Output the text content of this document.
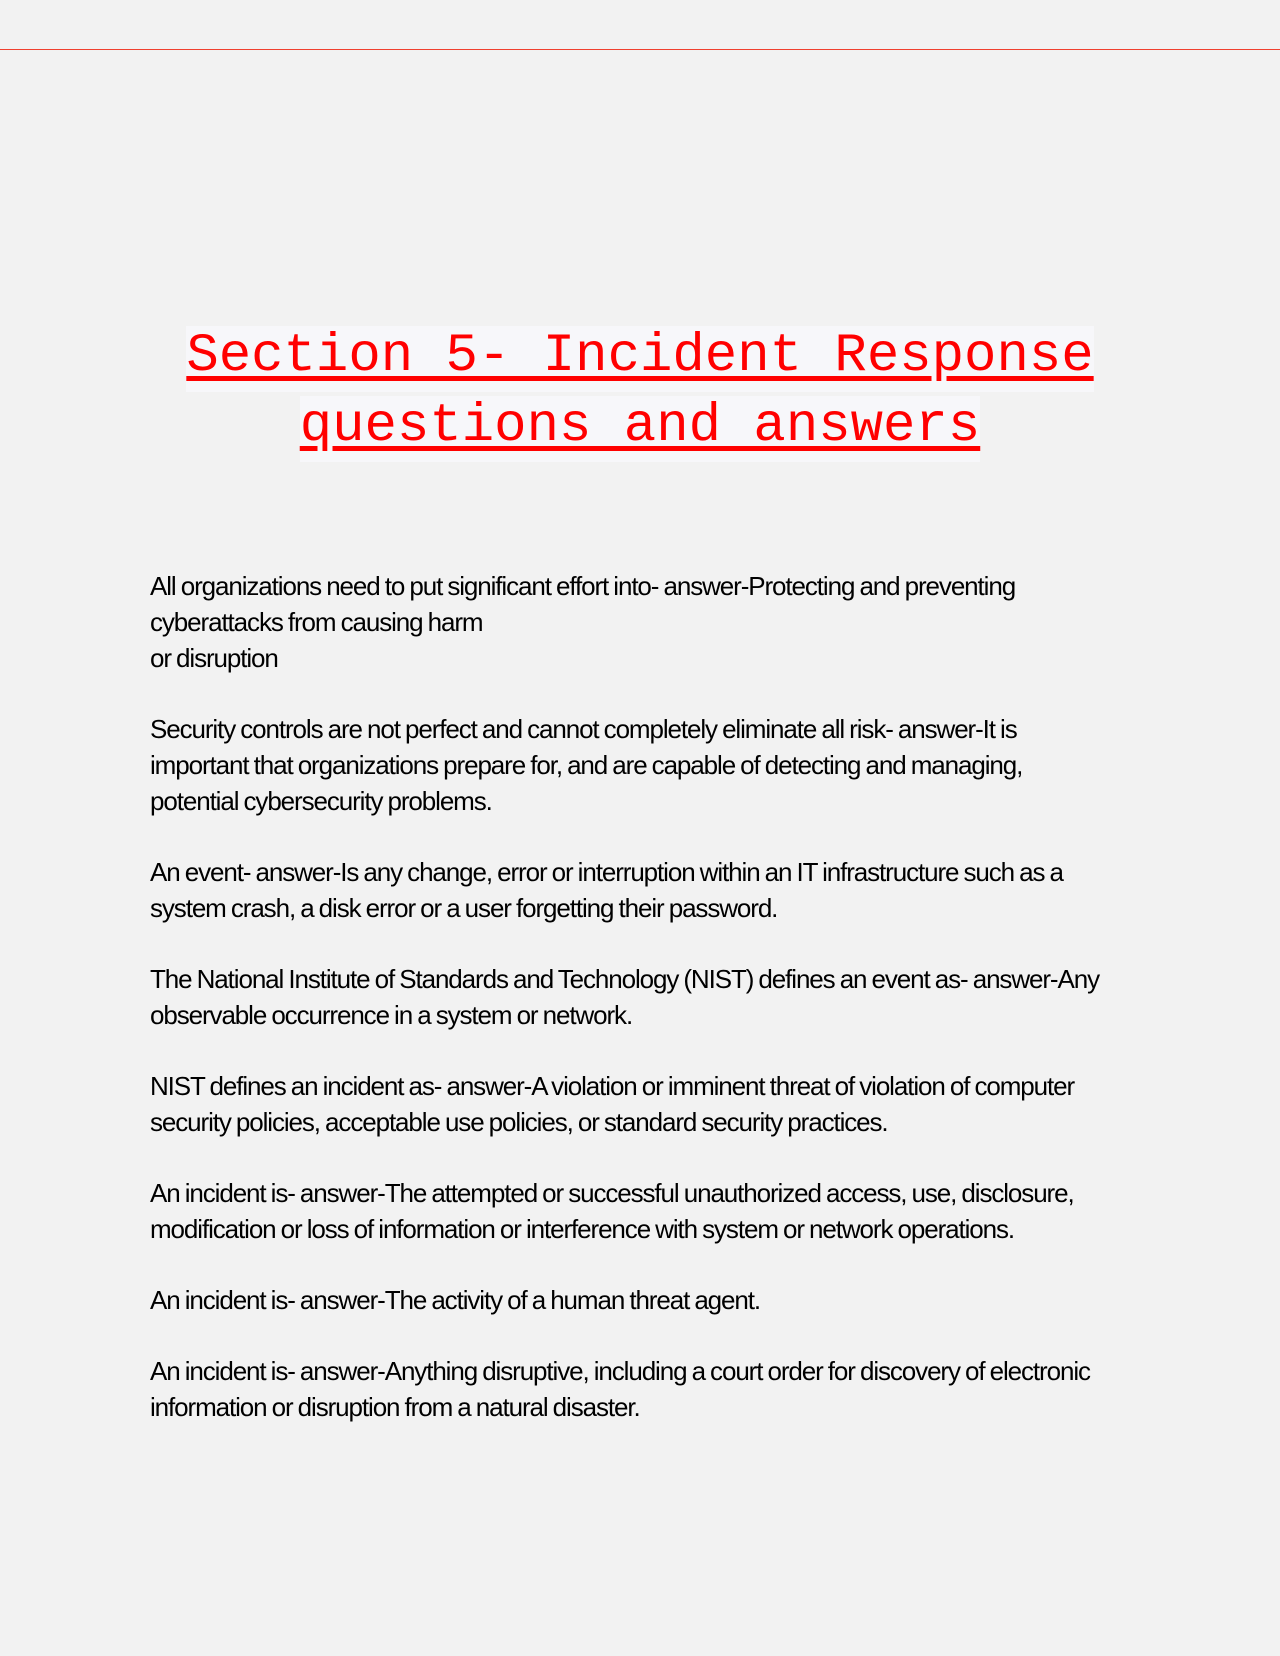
Section 5- Incident Response
questions and answers

All organizations need to put significant effort into- answer-Protecting and preventing
cyberattacks from causing harm
or disruption

Security controls are not perfect and cannot completely eliminate all risk- answer-It is
important that organizations prepare for, and are capable of detecting and managing,
potential cybersecurity problems.

An event- answer-Is any change, error or interruption within an IT infrastructure such as a
system crash, a disk error or a user forgetting their password.

The National Institute of Standards and Technology (NIST) defines an event as- answer-Any
observable occurrence in a system or network.

NIST defines an incident as- answer-A violation or imminent threat of violation of computer
security policies, acceptable use policies, or standard security practices.

An incident is- answer-The attempted or successful unauthorized access, use, disclosure,
modification or loss of information or interference with system or network operations.

An incident is- answer-The activity of a human threat agent.

An incident is- answer-Anything disruptive, including a court order for discovery of electronic
information or disruption from a natural disaster.
